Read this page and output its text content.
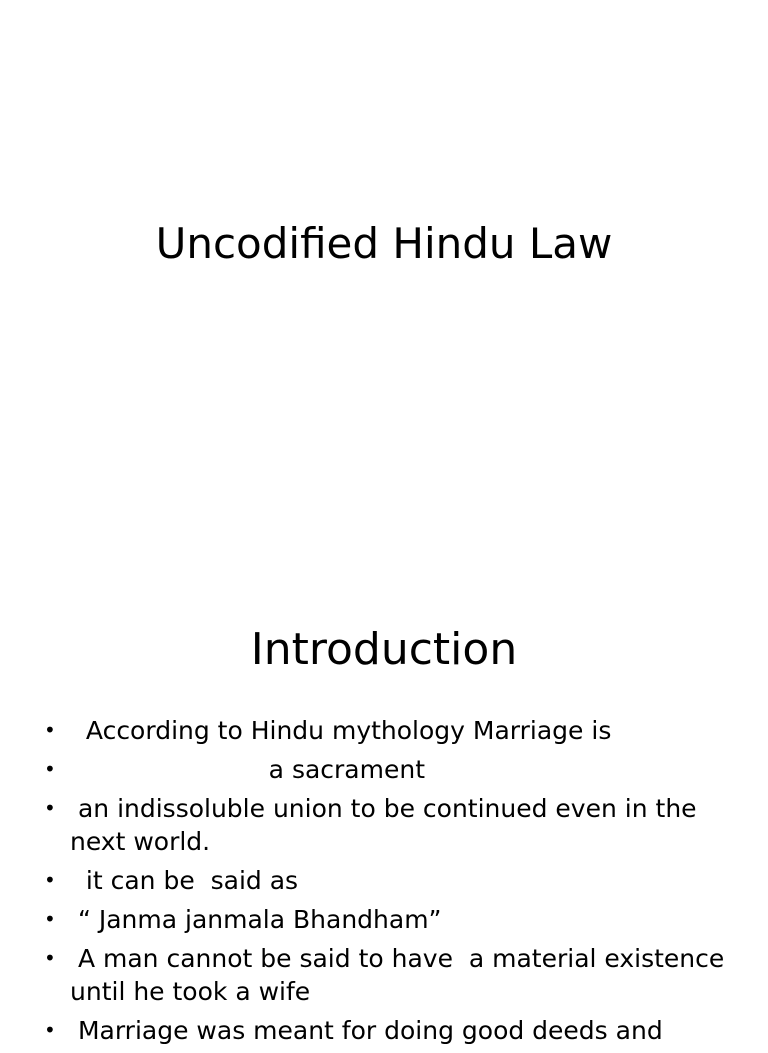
Uncodified Hindu Law
Introduction
• According to Hindu mythology Marriage is
• a sacrament
• an indissoluble union to be continued even in the next world.
• it can be  said as
• “ Janma janmala Bhandham”
• A man cannot be said to have  a material existence until he took a wife
• Marriage was meant for doing good deeds and
